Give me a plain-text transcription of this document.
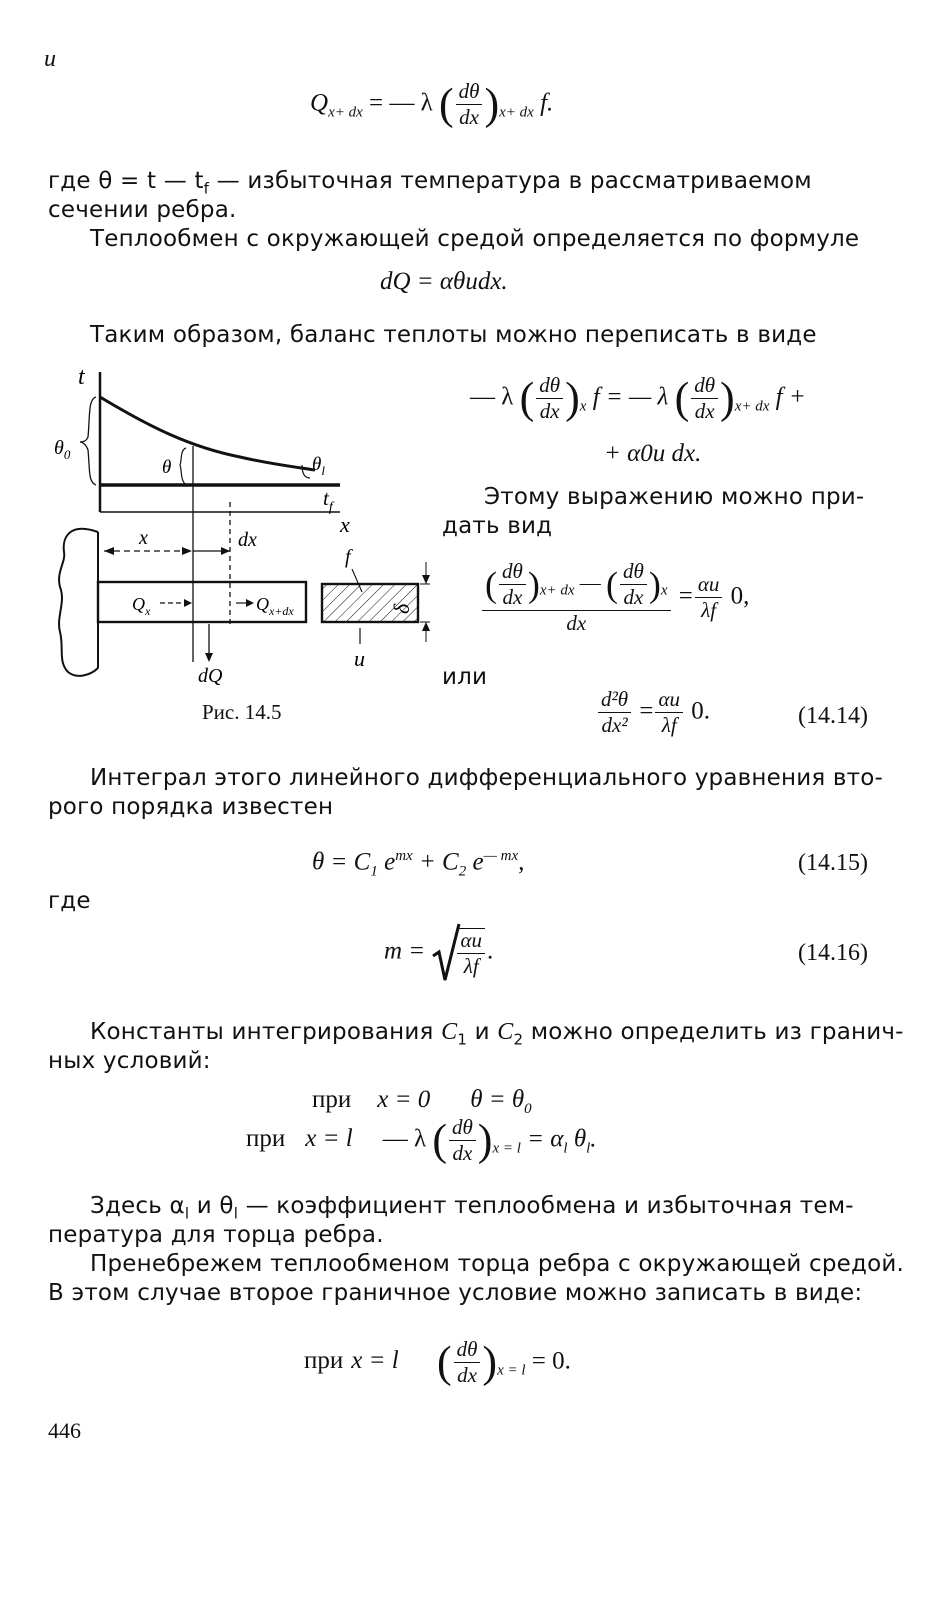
и
$Q_{x+ dx}$ = — λ ( $\frac{d\theta}{dx} )_{x+ dx}$ f.
где θ = t — $t_f$ — избыточная температура в рассматриваемом
сечении ребра.
Теплообмен с окружающей средой определяется по формуле
dQ = αθudx.
Таким образом, баланс теплоты можно переписать в виде
t
$\theta_0$
θ	$\theta_l$
$t_f$
x
x	dx
$Q_x$	$Q_{x+dx}$
dQ
f
δ
u
Рис. 14.5
— λ ( $\frac{d\theta}{dx} )_x$ f = — λ ( $\frac{d\theta}{dx} )_{x+ dx}$ f +
+ α0u dx.
Этому выражению можно при-
дать вид
$\frac{( \frac{d\theta}{dx} )_{x+ dx} — ( \frac{d\theta}{dx} )_x}{dx} = \frac{\alpha u}{\lambda f} 0$,
или
$\frac{\text{d²θ}}{\text{dx²}} = \frac{\alpha u}{\lambda f} 0$.	(14.14)
Интеграл этого линейного дифференциального уравнения вто-
рого порядка известен
$\theta = C_1$ $e^{mx} + C_2$ $e^{— mx}$,	(14.15)
где
$m = \frac{\alpha u}{\lambda f}$ .	(14.16)
Константы интегрирования $C_1$ и $C_2$ можно определить из гранич-
ных условий:
при x = 0 $\theta = \theta_0$
при x = l — λ ( $\frac{d\theta}{dx} )_{x = l} = \alpha_l$ $\theta_l$.
Здесь $\alpha_l$ и $\theta_l$ — коэффициент теплообмена и избыточная тем-
пература для торца ребра.
Пренебрежем теплообменом торца ребра с окружающей средой.
В этом случае второе граничное условие можно записать в виде:
при x = l ( $\frac{d\theta}{dx} )_{x = l} = 0$.
446
